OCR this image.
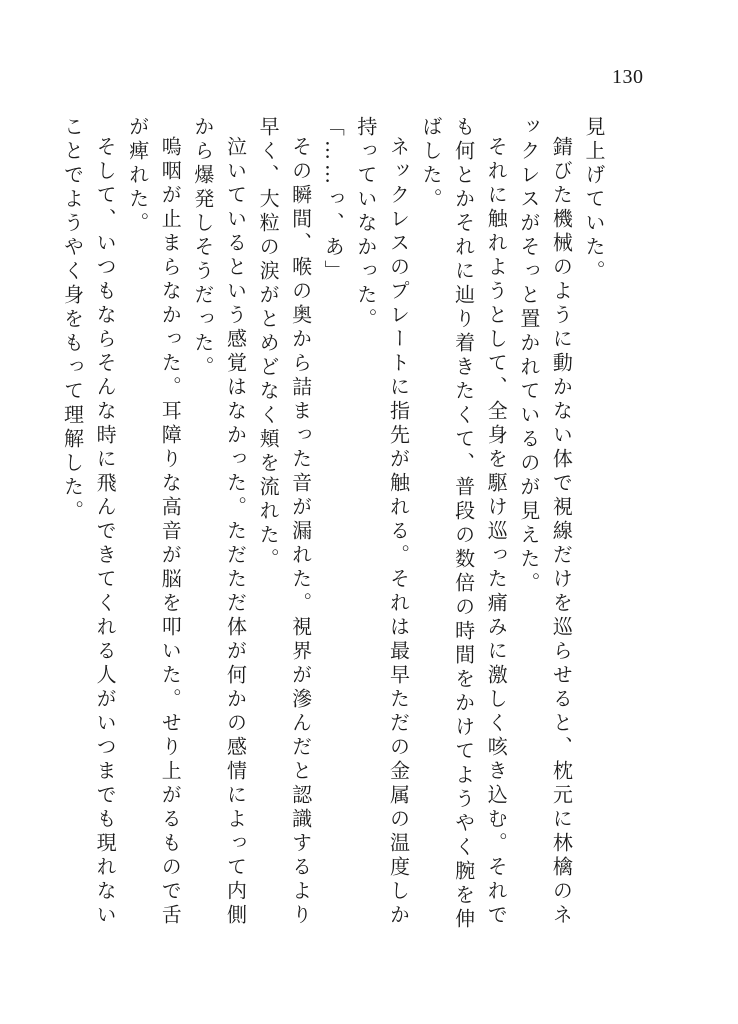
130

見上げていた。

錆びた機械のように動かない体で視線だけを巡らせると、枕元に林檎のネックレスがそっと置かれているのが見えた。

それに触れようとして、全身を駆け巡った痛みに激しく咳き込む。それでも何とかそれに辿り着きたくて、普段の数倍の時間をかけてようやく腕を伸ばした。

ネックレスのプレートに指先が触れる。それは最早ただの金属の温度しか持っていなかった。

「……っ、あ」

その瞬間、喉の奥から詰まった音が漏れた。視界が滲んだと認識するより早く、大粒の涙がとめどなく頬を流れた。

泣いているという感覚はなかった。ただただ体が何かの感情によって内側から爆発しそうだった。

嗚咽が止まらなかった。耳障りな高音が脳を叩いた。せり上がるもので舌が痺れた。

そして、いつもならそんな時に飛んできてくれる人がいつまでも現れないことでようやく身をもって理解した。
